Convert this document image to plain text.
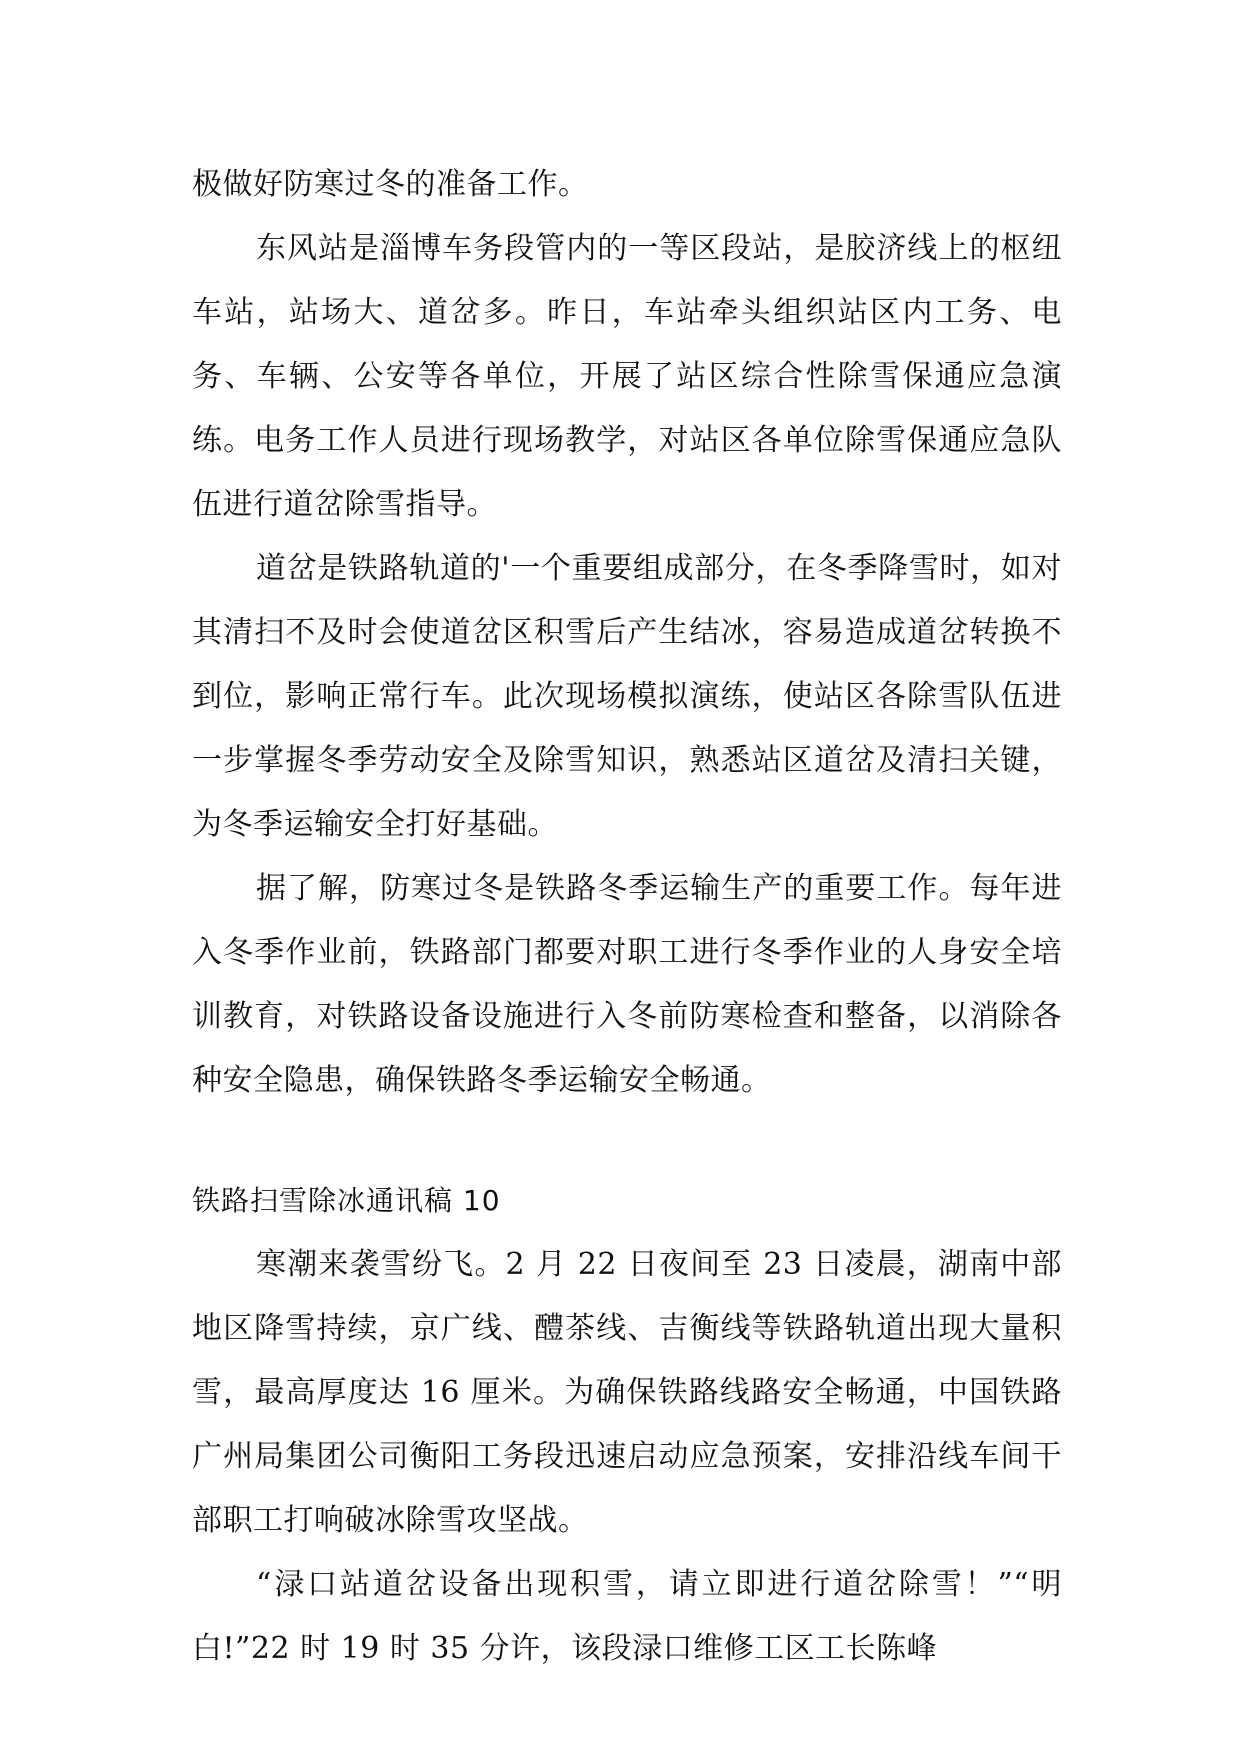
极做好防寒过冬的准备工作。

东风站是淄博车务段管内的一等区段站，是胶济线上的枢纽车站，站场大、道岔多。昨日，车站牵头组织站区内工务、电务、车辆、公安等各单位，开展了站区综合性除雪保通应急演练。电务工作人员进行现场教学，对站区各单位除雪保通应急队伍进行道岔除雪指导。

道岔是铁路轨道的'一个重要组成部分，在冬季降雪时，如对其清扫不及时会使道岔区积雪后产生结冰，容易造成道岔转换不到位，影响正常行车。此次现场模拟演练，使站区各除雪队伍进一步掌握冬季劳动安全及除雪知识，熟悉站区道岔及清扫关键，为冬季运输安全打好基础。

据了解，防寒过冬是铁路冬季运输生产的重要工作。每年进入冬季作业前，铁路部门都要对职工进行冬季作业的人身安全培训教育，对铁路设备设施进行入冬前防寒检查和整备，以消除各种安全隐患，确保铁路冬季运输安全畅通。

铁路扫雪除冰通讯稿 10

寒潮来袭雪纷飞。2 月 22 日夜间至 23 日凌晨，湖南中部地区降雪持续，京广线、醴茶线、吉衡线等铁路轨道出现大量积雪，最高厚度达 16 厘米。为确保铁路线路安全畅通，中国铁路广州局集团公司衡阳工务段迅速启动应急预案，安排沿线车间干部职工打响破冰除雪攻坚战。

“渌口站道岔设备出现积雪，请立即进行道岔除雪！”“明白!”22 时 19 时 35 分许，该段渌口维修工区工长陈峰
